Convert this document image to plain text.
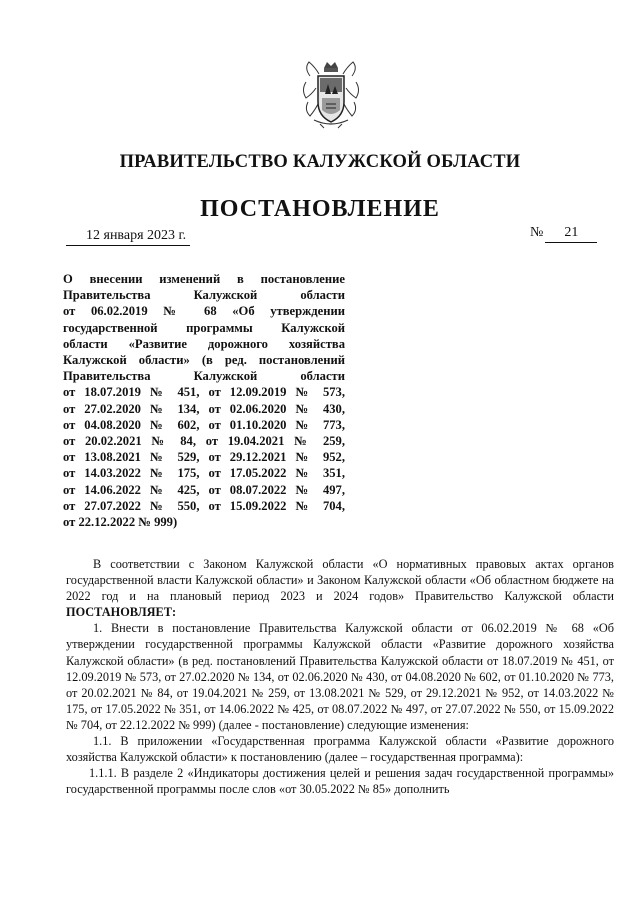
ПРАВИТЕЛЬСТВО КАЛУЖСКОЙ ОБЛАСТИ
ПОСТАНОВЛЕНИЕ
12 января 2023 г.	№ 21
О внесении изменений в постановление
Правительства Калужской области
от 06.02.2019 № 68 «Об утверждении
государственной программы Калужской
области «Развитие дорожного хозяйства
Калужской области» (в ред. постановлений
Правительства Калужской области
от 18.07.2019 № 451, от 12.09.2019 № 573,
от 27.02.2020 № 134, от 02.06.2020 № 430,
от 04.08.2020 № 602, от 01.10.2020 № 773,
от 20.02.2021 № 84, от 19.04.2021 № 259,
от 13.08.2021 № 529, от 29.12.2021 № 952,
от 14.03.2022 № 175, от 17.05.2022 № 351,
от 14.06.2022 № 425, от 08.07.2022 № 497,
от 27.07.2022 № 550, от 15.09.2022 № 704,
от 22.12.2022 № 999)

В соответствии с Законом Калужской области «О нормативных правовых актах органов государственной власти Калужской области» и Законом Калужской области «Об областном бюджете на 2022 год и на плановый период 2023 и 2024 годов» Правительство Калужской области ПОСТАНОВЛЯЕТ:

1. Внести в постановление Правительства Калужской области от 06.02.2019 № 68 «Об утверждении государственной программы Калужской области «Развитие дорожного хозяйства Калужской области» (в ред. постановлений Правительства Калужской области от 18.07.2019 № 451, от 12.09.2019 № 573, от 27.02.2020 № 134, от 02.06.2020 № 430, от 04.08.2020 № 602, от 01.10.2020 № 773, от 20.02.2021 № 84, от 19.04.2021 № 259, от 13.08.2021 № 529, от 29.12.2021 № 952, от 14.03.2022 № 175, от 17.05.2022 № 351, от 14.06.2022 № 425, от 08.07.2022 № 497, от 27.07.2022 № 550, от 15.09.2022 № 704, от 22.12.2022 № 999) (далее - постановление) следующие изменения:

1.1. В приложении «Государственная программа Калужской области «Развитие дорожного хозяйства Калужской области» к постановлению (далее – государственная программа):

1.1.1. В разделе 2 «Индикаторы достижения целей и решения задач государственной программы» государственной программы после слов «от 30.05.2022 № 85» дополнить
